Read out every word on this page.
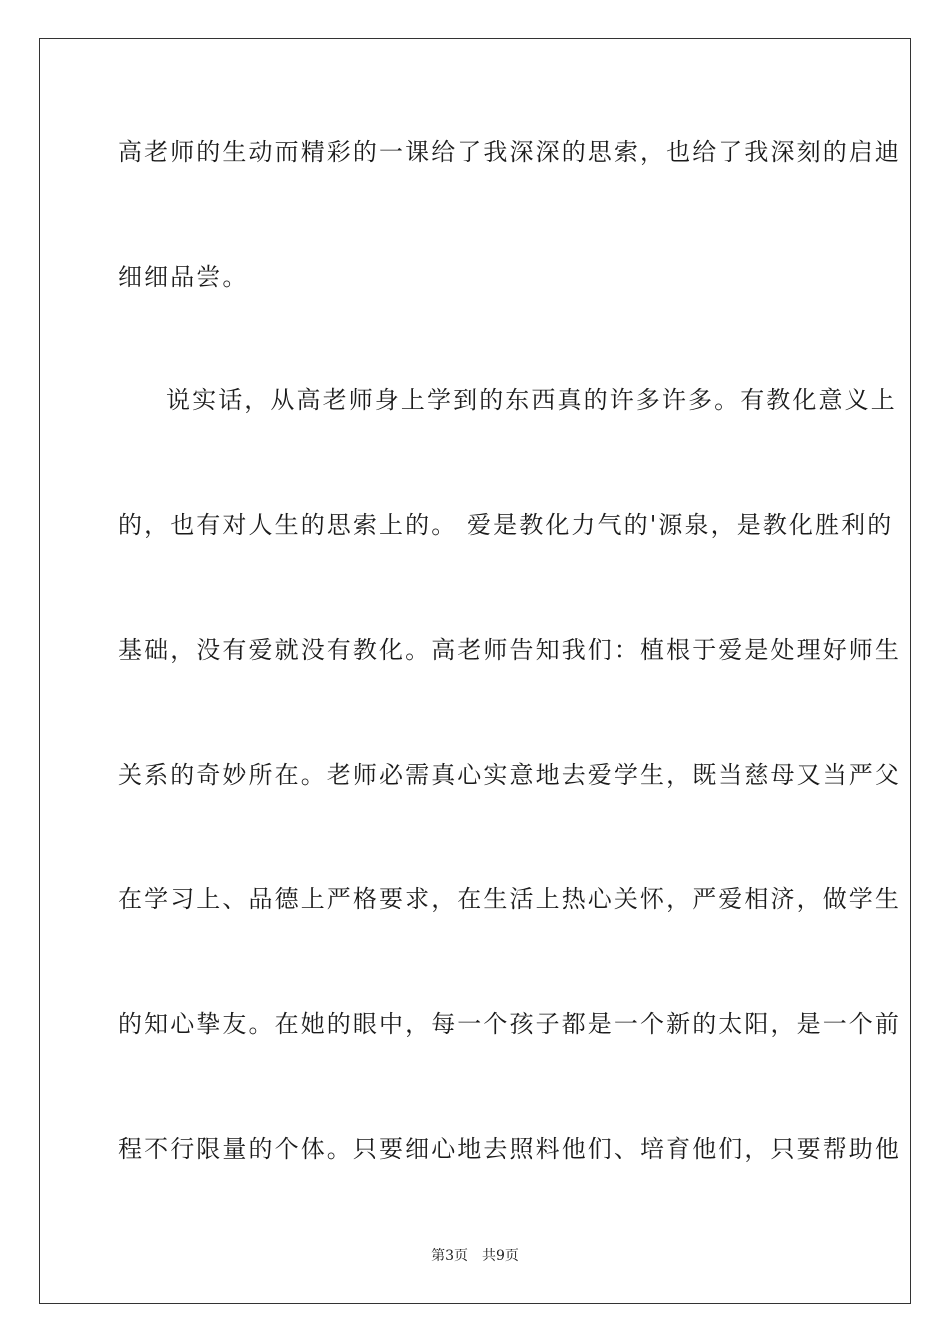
高老师的生动而精彩的一课给了我深深的思索，也给了我深刻的启迪
细细品尝。
说实话，从高老师身上学到的东西真的许多许多。有教化意义上
的，也有对人生的思索上的。 爱是教化力气的'源泉，是教化胜利的
基础，没有爱就没有教化。高老师告知我们：植根于爱是处理好师生
关系的奇妙所在。老师必需真心实意地去爱学生，既当慈母又当严父
在学习上、品德上严格要求，在生活上热心关怀，严爱相济，做学生
的知心挚友。在她的眼中，每一个孩子都是一个新的太阳，是一个前
程不行限量的个体。只要细心地去照料他们、培育他们，只要帮助他
第3页 共9页
